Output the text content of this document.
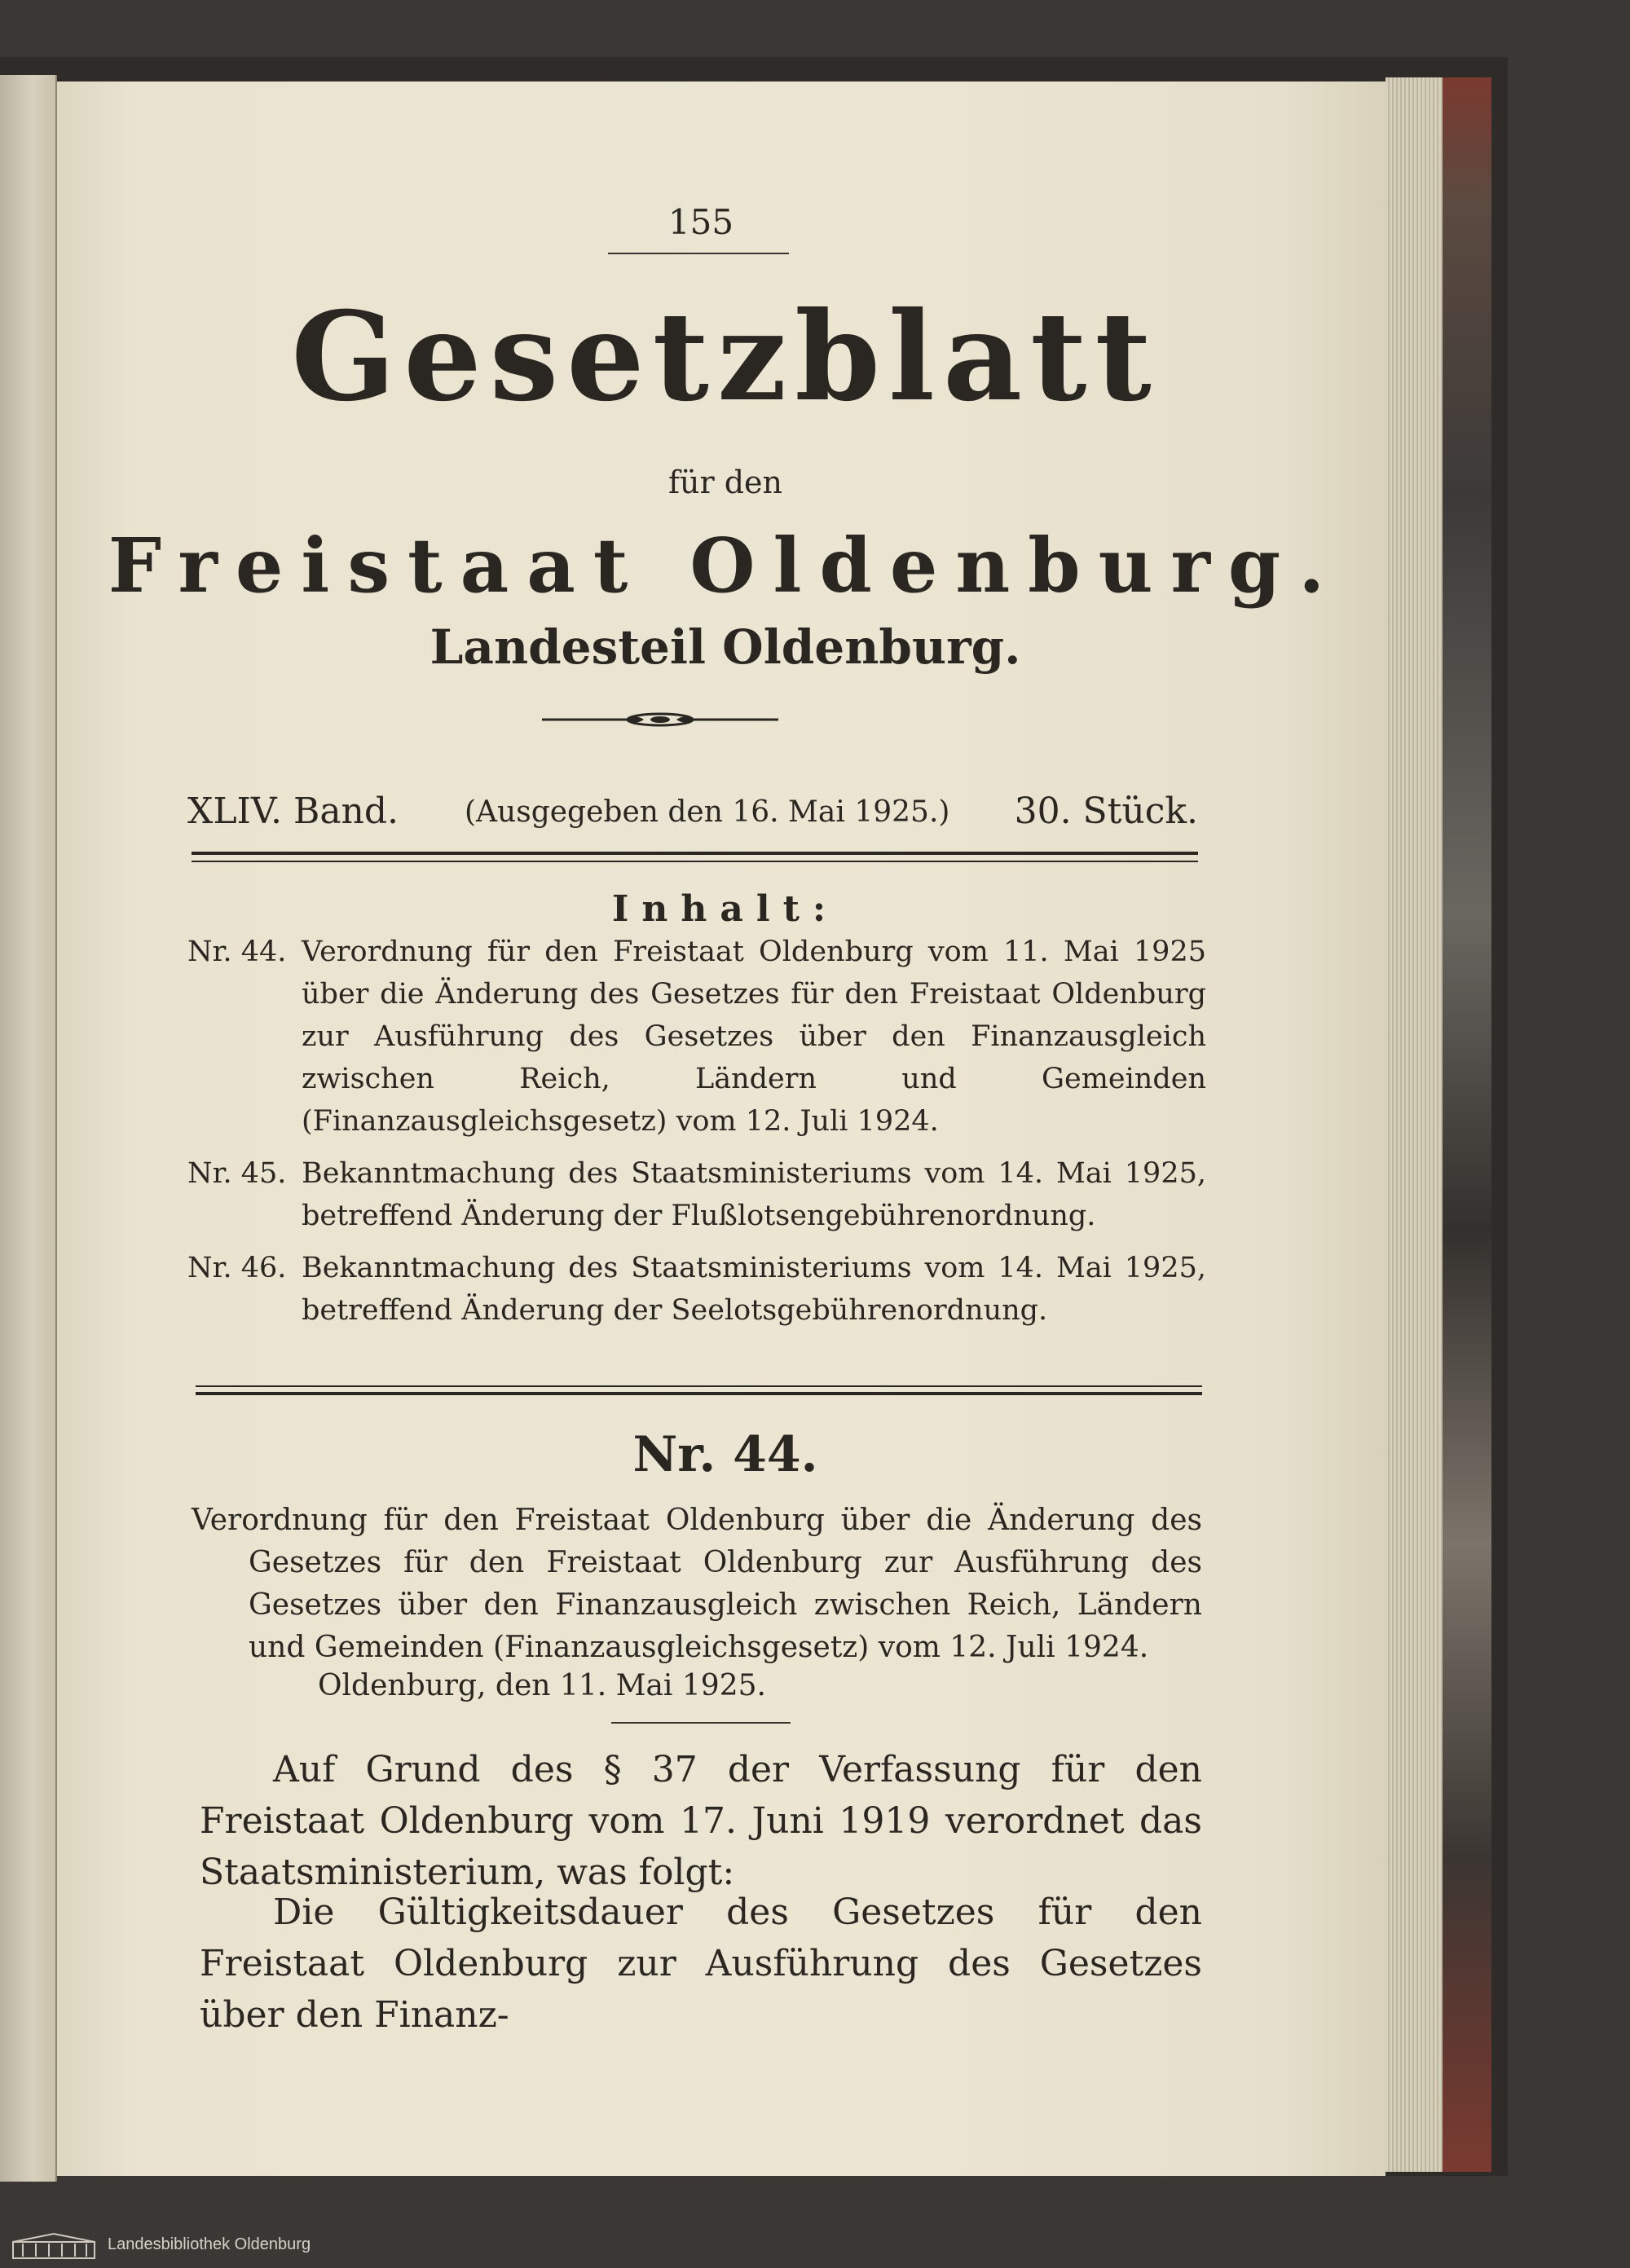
155
Gesetzblatt
für den
Freistaat Oldenburg.
Landesteil Oldenburg.
XLIV. Band. (Ausgegeben den 16. Mai 1925.) 30. Stück.
Inhalt:
Nr. 44. Verordnung für den Freistaat Oldenburg vom 11. Mai 1925 über die Änderung des Gesetzes für den Freistaat Oldenburg zur Ausführung des Gesetzes über den Finanzausgleich zwischen Reich, Ländern und Gemeinden (Finanzausgleichsgesetz) vom 12. Juli 1924.
Nr. 45. Bekanntmachung des Staatsministeriums vom 14. Mai 1925, betreffend Änderung der Flußlotsengebührenordnung.
Nr. 46. Bekanntmachung des Staatsministeriums vom 14. Mai 1925, betreffend Änderung der Seelotsgebührenordnung.
Nr. 44.
Verordnung für den Freistaat Oldenburg über die Änderung des Gesetzes für den Freistaat Oldenburg zur Ausführung des Gesetzes über den Finanzausgleich zwischen Reich, Ländern und Gemeinden (Finanzausgleichsgesetz) vom 12. Juli 1924.
Oldenburg, den 11. Mai 1925.
Auf Grund des § 37 der Verfassung für den Freistaat Oldenburg vom 17. Juni 1919 verordnet das Staatsministerium, was folgt:
Die Gültigkeitsdauer des Gesetzes für den Freistaat Oldenburg zur Ausführung des Gesetzes über den Finanz-
Landesbibliothek Oldenburg
